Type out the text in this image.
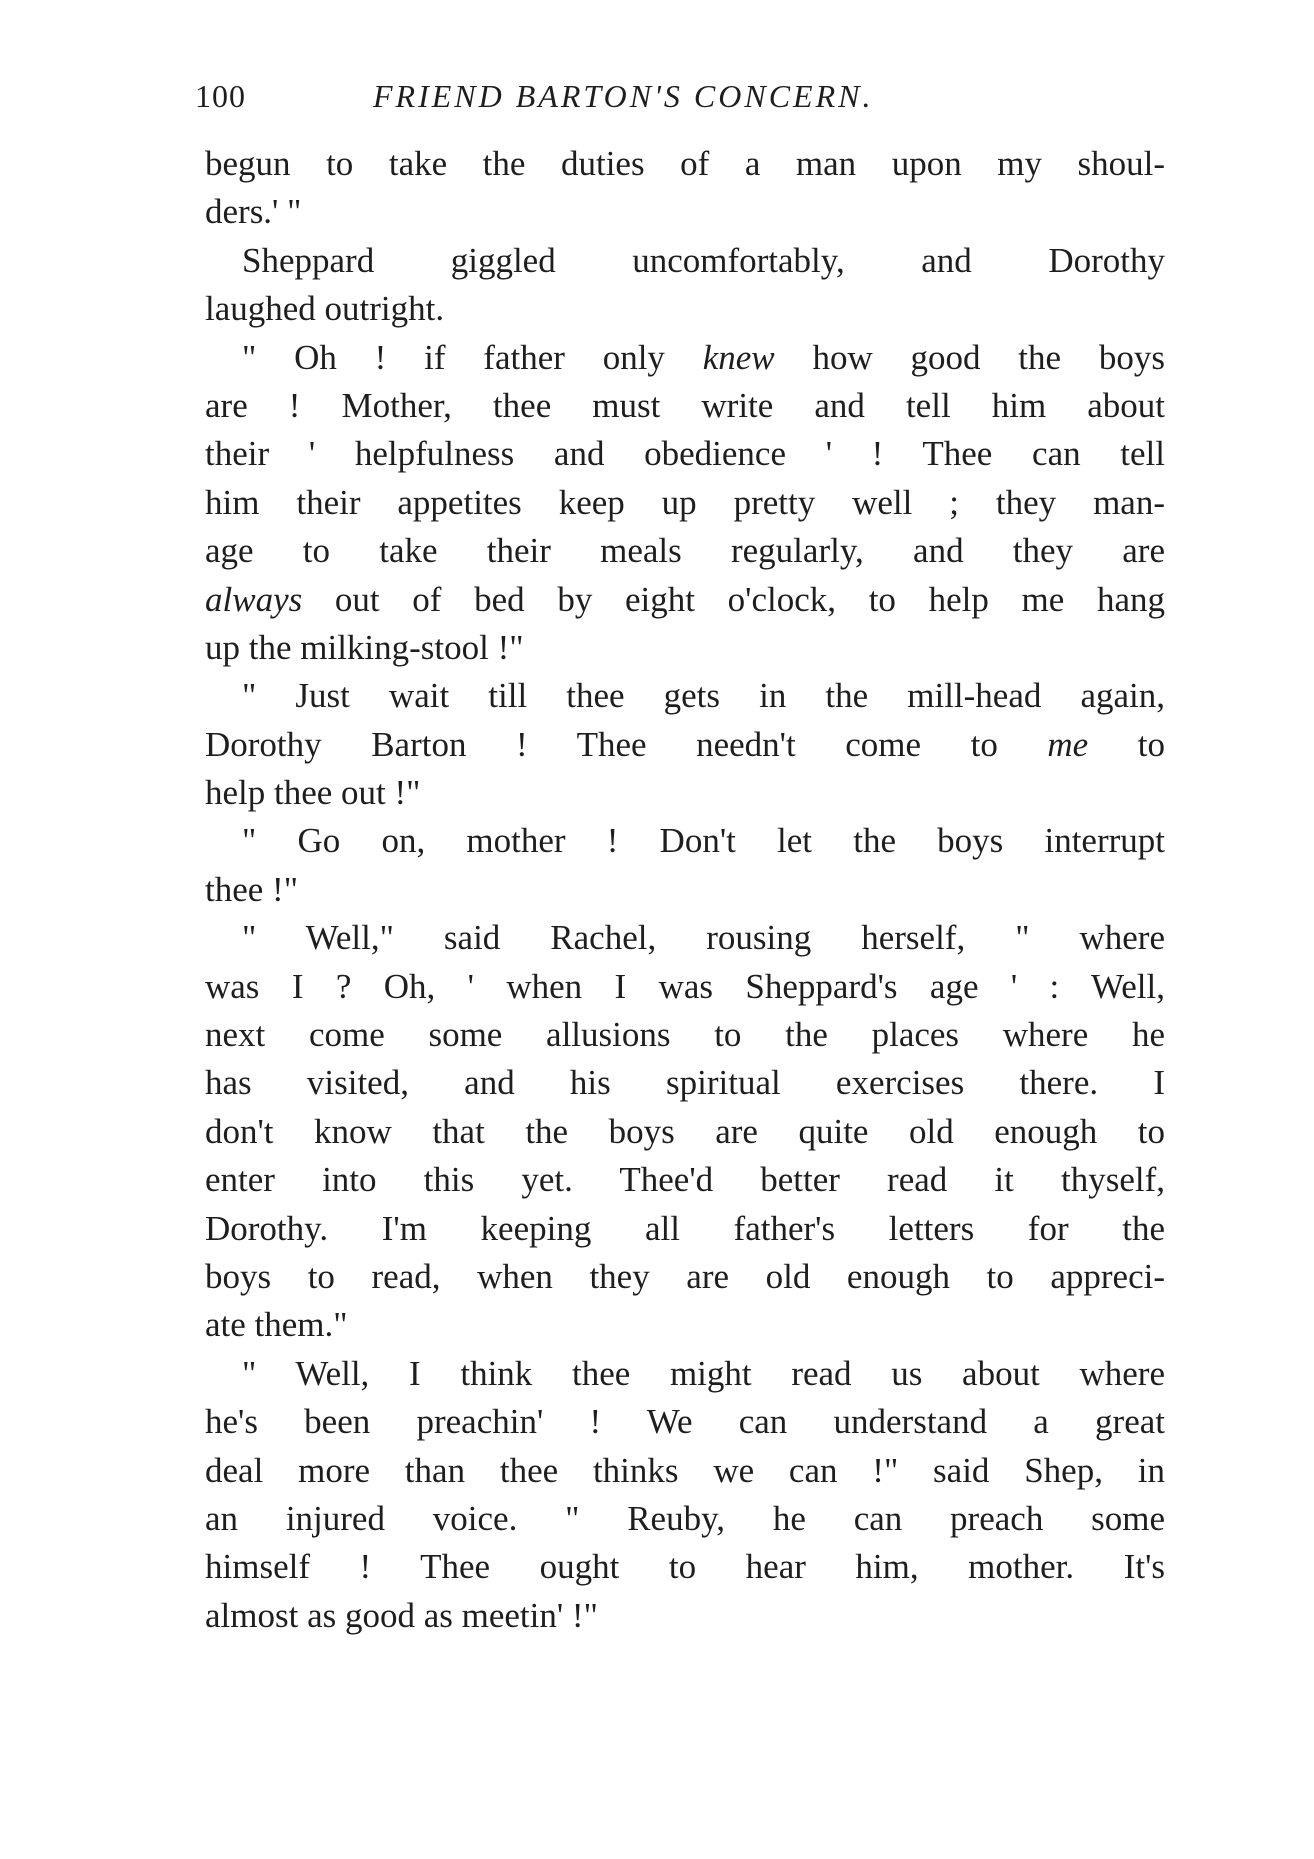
100	FRIEND BARTON'S CONCERN.
begun to take the duties of a man upon my shoul-
ders.' "
Sheppard giggled uncomfortably, and Dorothy
laughed outright.
" Oh ! if father only knew how good the boys
are ! Mother, thee must write and tell him about
their ' helpfulness and obedience ' ! Thee can tell
him their appetites keep up pretty well ; they man-
age to take their meals regularly, and they are
always out of bed by eight o'clock, to help me hang
up the milking-stool !"
" Just wait till thee gets in the mill-head again,
Dorothy Barton ! Thee needn't come to me to
help thee out !"
" Go on, mother ! Don't let the boys interrupt
thee !"
" Well," said Rachel, rousing herself, " where
was I ? Oh, ' when I was Sheppard's age ' : Well,
next come some allusions to the places where he
has visited, and his spiritual exercises there. I
don't know that the boys are quite old enough to
enter into this yet. Thee'd better read it thyself,
Dorothy. I'm keeping all father's letters for the
boys to read, when they are old enough to appreci-
ate them."
" Well, I think thee might read us about where
he's been preachin' ! We can understand a great
deal more than thee thinks we can !" said Shep, in
an injured voice. " Reuby, he can preach some
himself ! Thee ought to hear him, mother. It's
almost as good as meetin' !"
